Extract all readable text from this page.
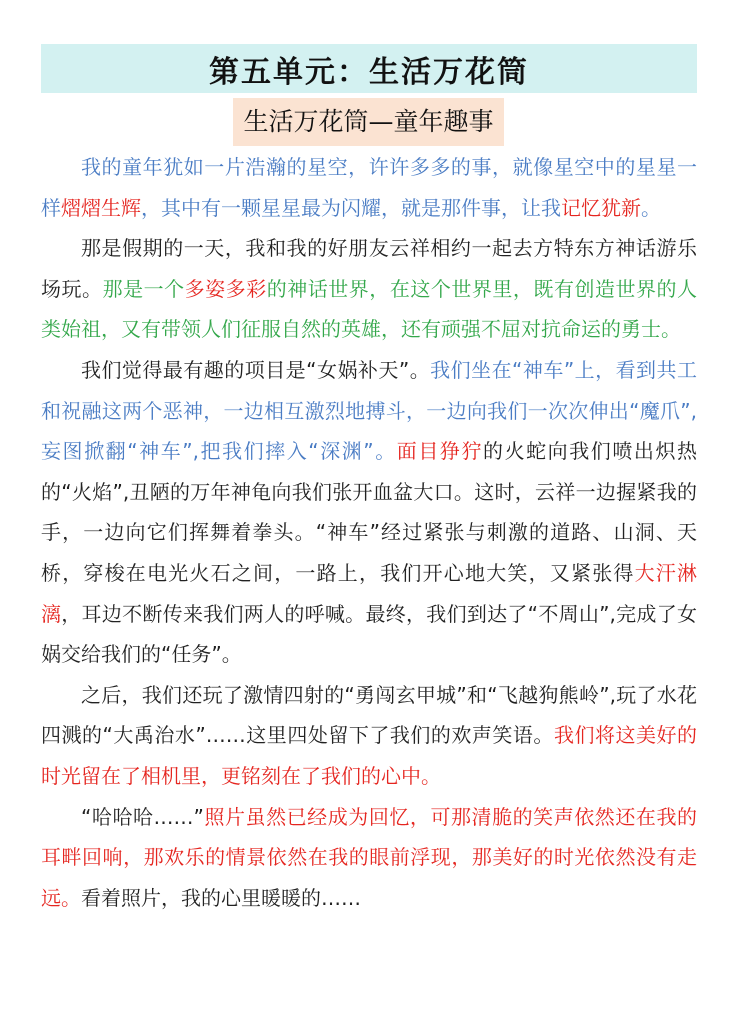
第五单元：生活万花筒
生活万花筒—童年趣事

我的童年犹如一片浩瀚的星空，许许多多的事，就像星空中的星星一样熠熠生辉，其中有一颗星星最为闪耀，就是那件事，让我记忆犹新。

那是假期的一天，我和我的好朋友云祥相约一起去方特东方神话游乐场玩。那是一个多姿多彩的神话世界，在这个世界里，既有创造世界的人类始祖，又有带领人们征服自然的英雄，还有顽强不屈对抗命运的勇士。

我们觉得最有趣的项目是“女娲补天”。我们坐在“神车”上，看到共工和祝融这两个恶神，一边相互激烈地搏斗，一边向我们一次次伸出“魔爪”,妄图掀翻“神车”,把我们摔入“深渊”。面目狰狞的火蛇向我们喷出炽热的“火焰”,丑陋的万年神龟向我们张开血盆大口。这时，云祥一边握紧我的手，一边向它们挥舞着拳头。“神车”经过紧张与刺激的道路、山洞、天桥，穿梭在电光火石之间，一路上，我们开心地大笑，又紧张得大汗淋漓，耳边不断传来我们两人的呼喊。最终，我们到达了“不周山”,完成了女娲交给我们的“任务”。

之后，我们还玩了激情四射的“勇闯玄甲城”和“飞越狗熊岭”,玩了水花四溅的“大禹治水”……这里四处留下了我们的欢声笑语。我们将这美好的时光留在了相机里，更铭刻在了我们的心中。

“哈哈哈……”照片虽然已经成为回忆，可那清脆的笑声依然还在我的耳畔回响，那欢乐的情景依然在我的眼前浮现，那美好的时光依然没有走远。看着照片，我的心里暖暖的……
